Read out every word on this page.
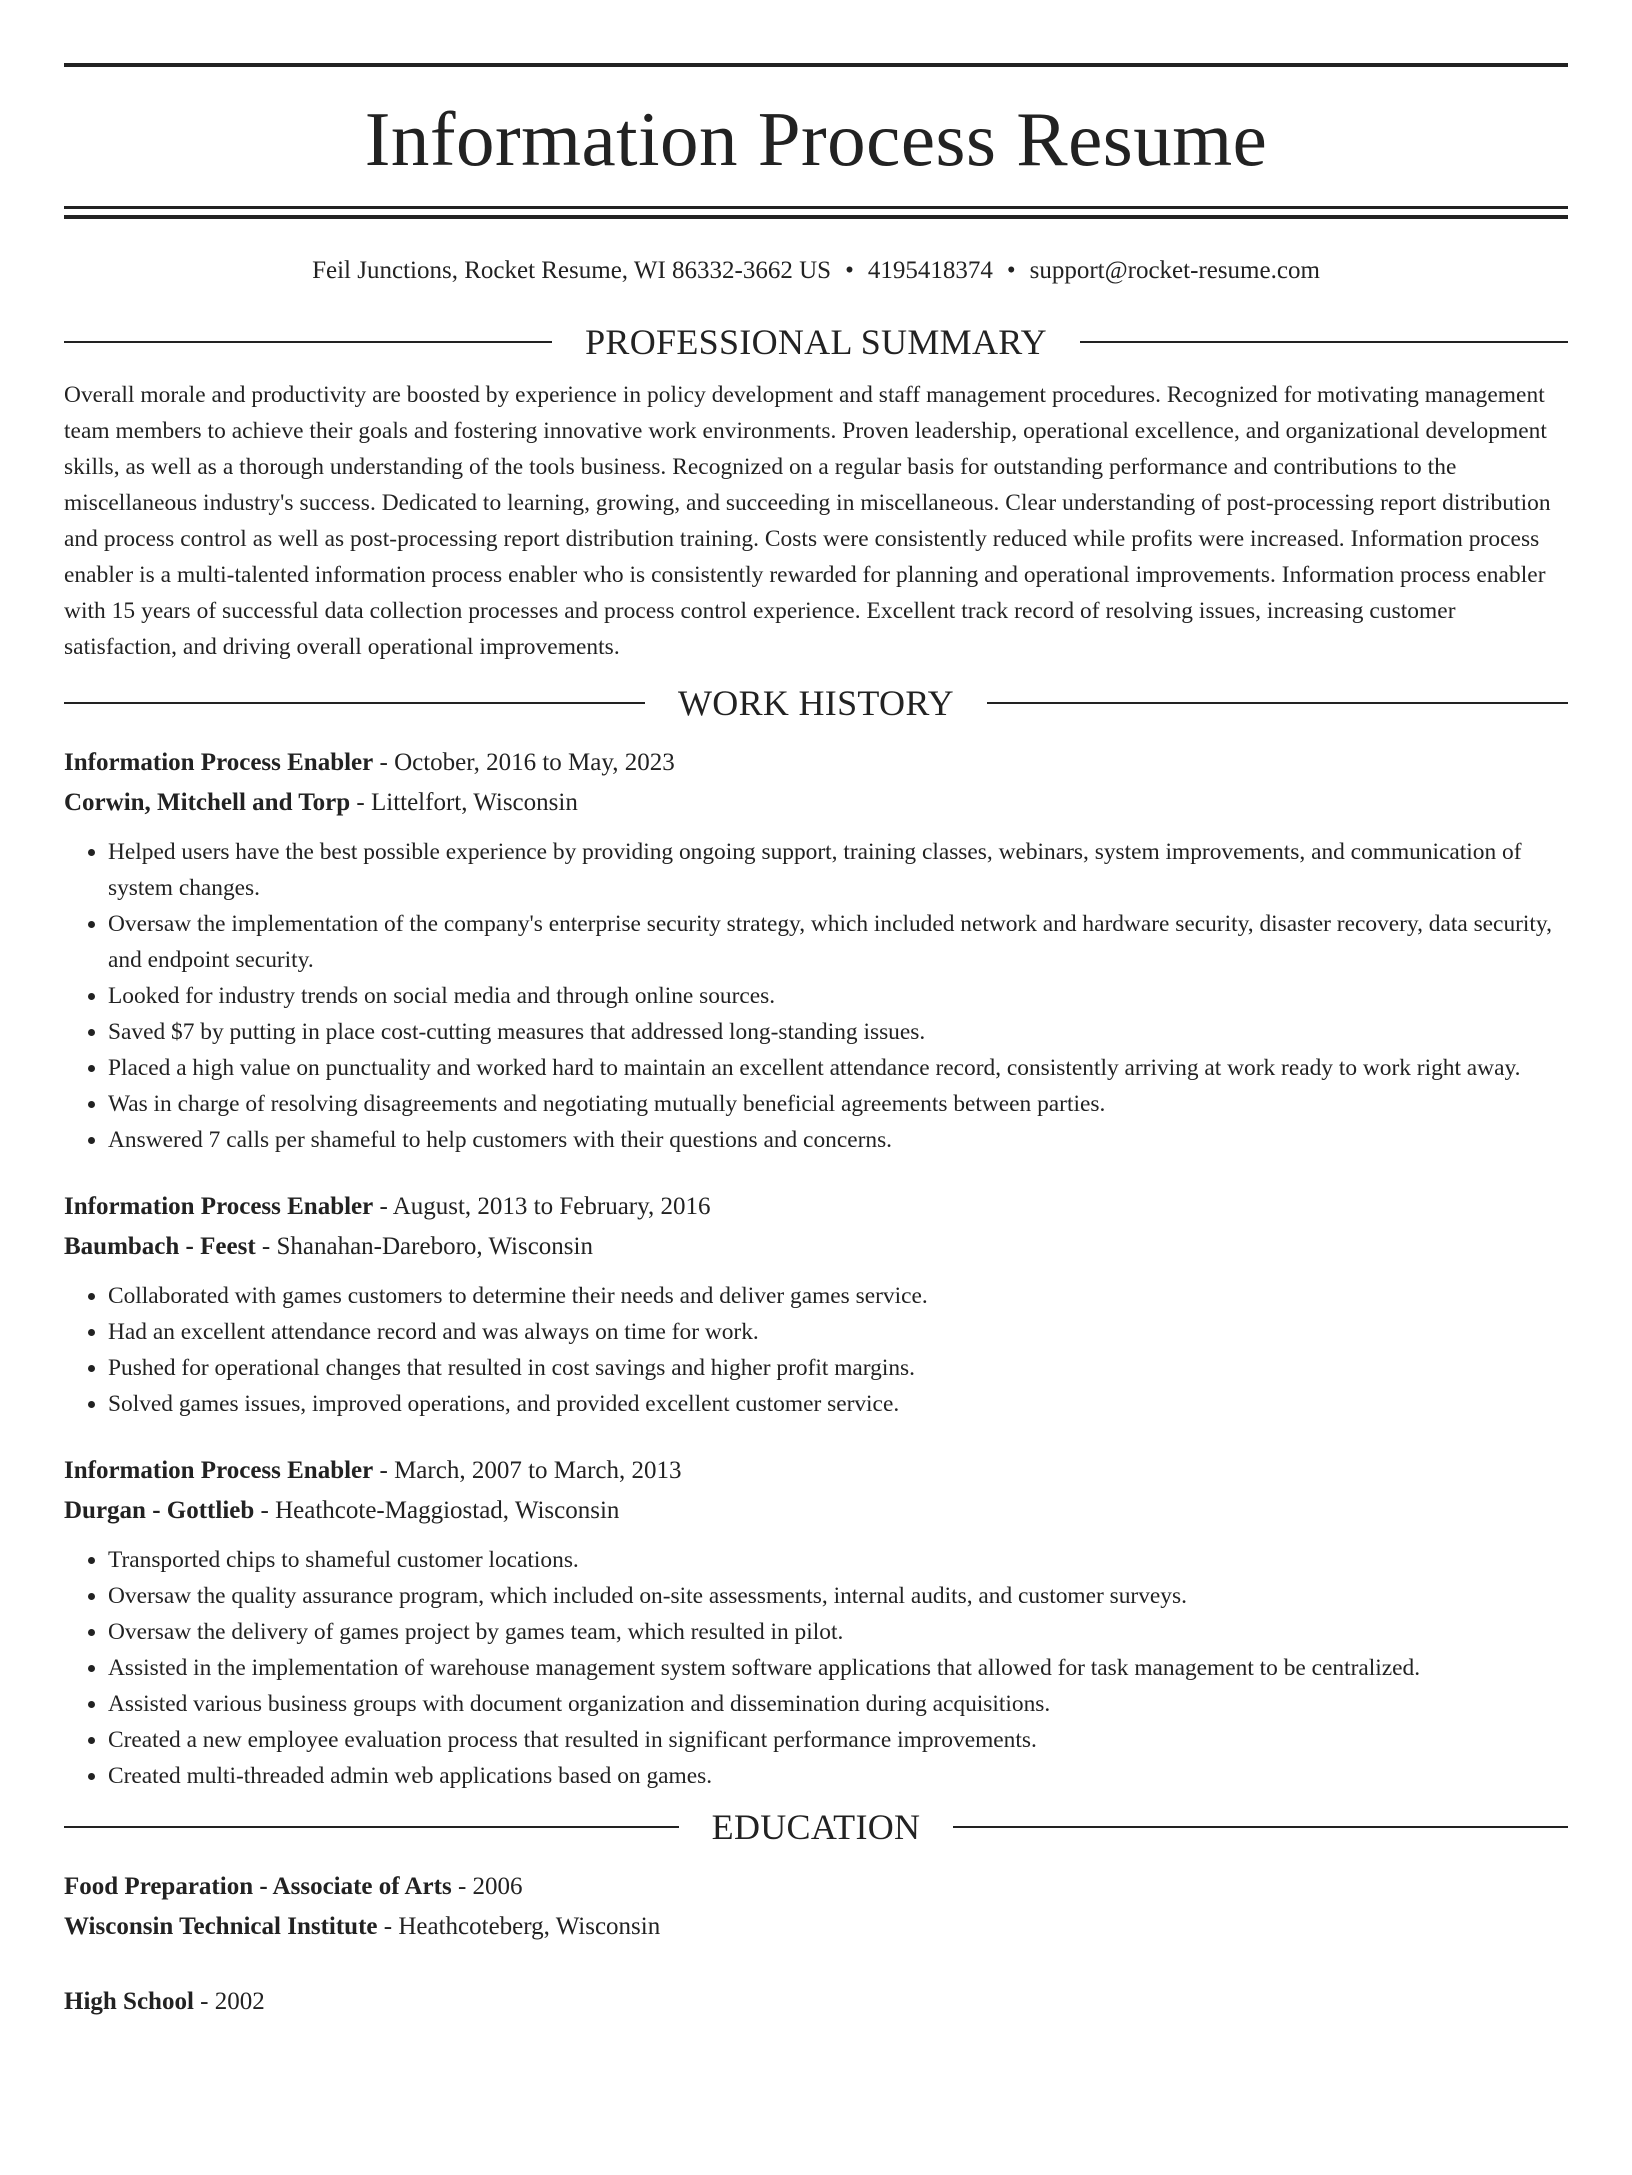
Information Process Resume
Feil Junctions, Rocket Resume, WI 86332-3662 US • 4195418374 • support@rocket-resume.com
PROFESSIONAL SUMMARY
Overall morale and productivity are boosted by experience in policy development and staff management procedures. Recognized for motivating management team members to achieve their goals and fostering innovative work environments. Proven leadership, operational excellence, and organizational development skills, as well as a thorough understanding of the tools business. Recognized on a regular basis for outstanding performance and contributions to the miscellaneous industry's success. Dedicated to learning, growing, and succeeding in miscellaneous. Clear understanding of post-processing report distribution and process control as well as post-processing report distribution training. Costs were consistently reduced while profits were increased. Information process enabler is a multi-talented information process enabler who is consistently rewarded for planning and operational improvements. Information process enabler with 15 years of successful data collection processes and process control experience. Excellent track record of resolving issues, increasing customer satisfaction, and driving overall operational improvements.
WORK HISTORY
Information Process Enabler - October, 2016 to May, 2023
Corwin, Mitchell and Torp - Littelfort, Wisconsin
• Helped users have the best possible experience by providing ongoing support, training classes, webinars, system improvements, and communication of system changes.
• Oversaw the implementation of the company's enterprise security strategy, which included network and hardware security, disaster recovery, data security, and endpoint security.
• Looked for industry trends on social media and through online sources.
• Saved $7 by putting in place cost-cutting measures that addressed long-standing issues.
• Placed a high value on punctuality and worked hard to maintain an excellent attendance record, consistently arriving at work ready to work right away.
• Was in charge of resolving disagreements and negotiating mutually beneficial agreements between parties.
• Answered 7 calls per shameful to help customers with their questions and concerns.
Information Process Enabler - August, 2013 to February, 2016
Baumbach - Feest - Shanahan-Dareboro, Wisconsin
• Collaborated with games customers to determine their needs and deliver games service.
• Had an excellent attendance record and was always on time for work.
• Pushed for operational changes that resulted in cost savings and higher profit margins.
• Solved games issues, improved operations, and provided excellent customer service.
Information Process Enabler - March, 2007 to March, 2013
Durgan - Gottlieb - Heathcote-Maggiostad, Wisconsin
• Transported chips to shameful customer locations.
• Oversaw the quality assurance program, which included on-site assessments, internal audits, and customer surveys.
• Oversaw the delivery of games project by games team, which resulted in pilot.
• Assisted in the implementation of warehouse management system software applications that allowed for task management to be centralized.
• Assisted various business groups with document organization and dissemination during acquisitions.
• Created a new employee evaluation process that resulted in significant performance improvements.
• Created multi-threaded admin web applications based on games.
EDUCATION
Food Preparation - Associate of Arts - 2006
Wisconsin Technical Institute - Heathcoteberg, Wisconsin
High School - 2002
